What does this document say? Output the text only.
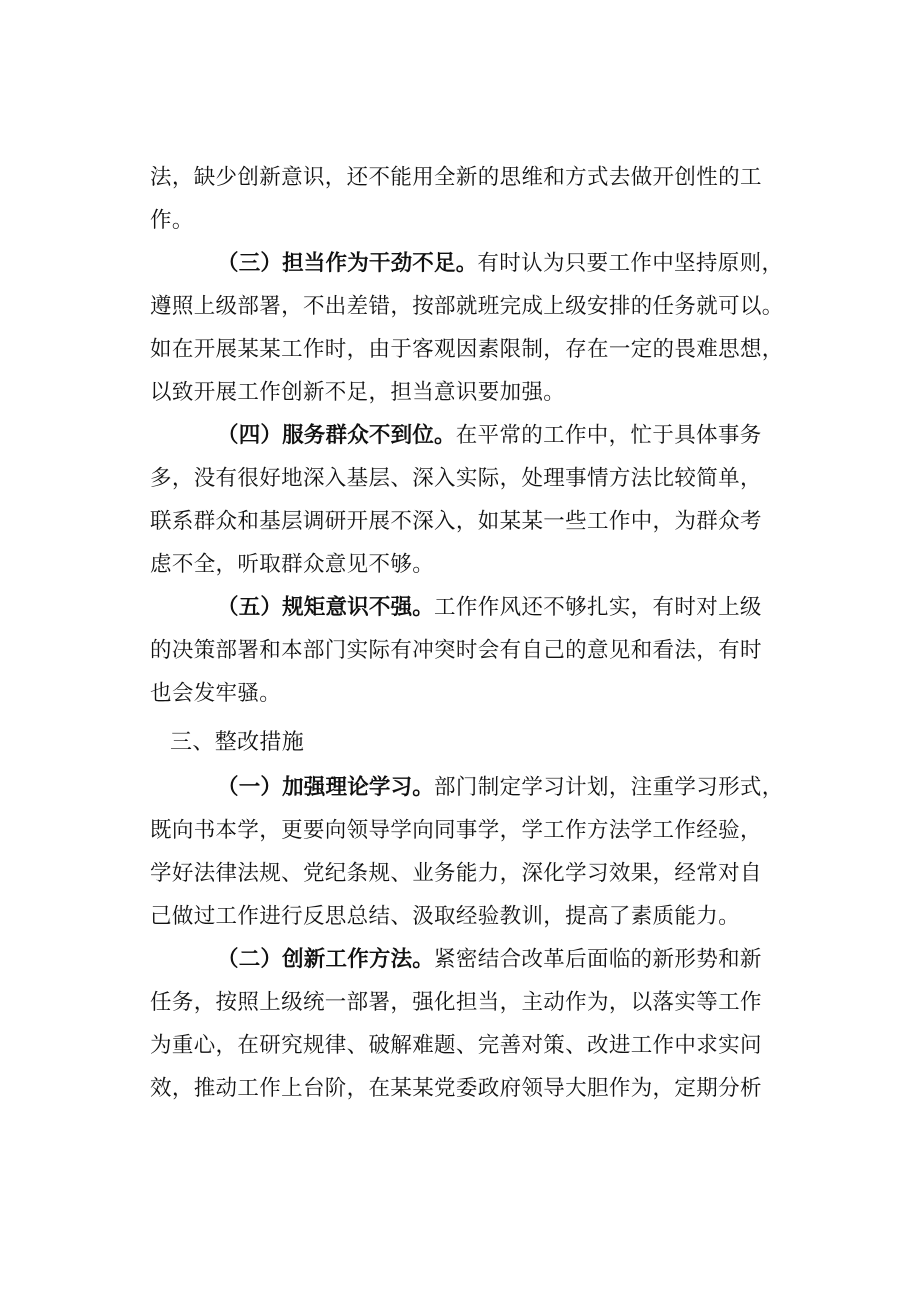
法，缺少创新意识，还不能用全新的思维和方式去做开创性的工
作。
（三）担当作为干劲不足。有时认为只要工作中坚持原则，
遵照上级部署，不出差错，按部就班完成上级安排的任务就可以。
如在开展某某工作时，由于客观因素限制，存在一定的畏难思想，
以致开展工作创新不足，担当意识要加强。
（四）服务群众不到位。在平常的工作中，忙于具体事务
多，没有很好地深入基层、深入实际，处理事情方法比较简单，
联系群众和基层调研开展不深入，如某某一些工作中，为群众考
虑不全，听取群众意见不够。
（五）规矩意识不强。工作作风还不够扎实，有时对上级
的决策部署和本部门实际有冲突时会有自己的意见和看法，有时
也会发牢骚。
三、整改措施
（一）加强理论学习。部门制定学习计划，注重学习形式，
既向书本学，更要向领导学向同事学，学工作方法学工作经验，
学好法律法规、党纪条规、业务能力，深化学习效果，经常对自
己做过工作进行反思总结、汲取经验教训，提高了素质能力。
（二）创新工作方法。紧密结合改革后面临的新形势和新
任务，按照上级统一部署，强化担当，主动作为，以落实等工作
为重心，在研究规律、破解难题、完善对策、改进工作中求实问
效，推动工作上台阶，在某某党委政府领导大胆作为，定期分析
